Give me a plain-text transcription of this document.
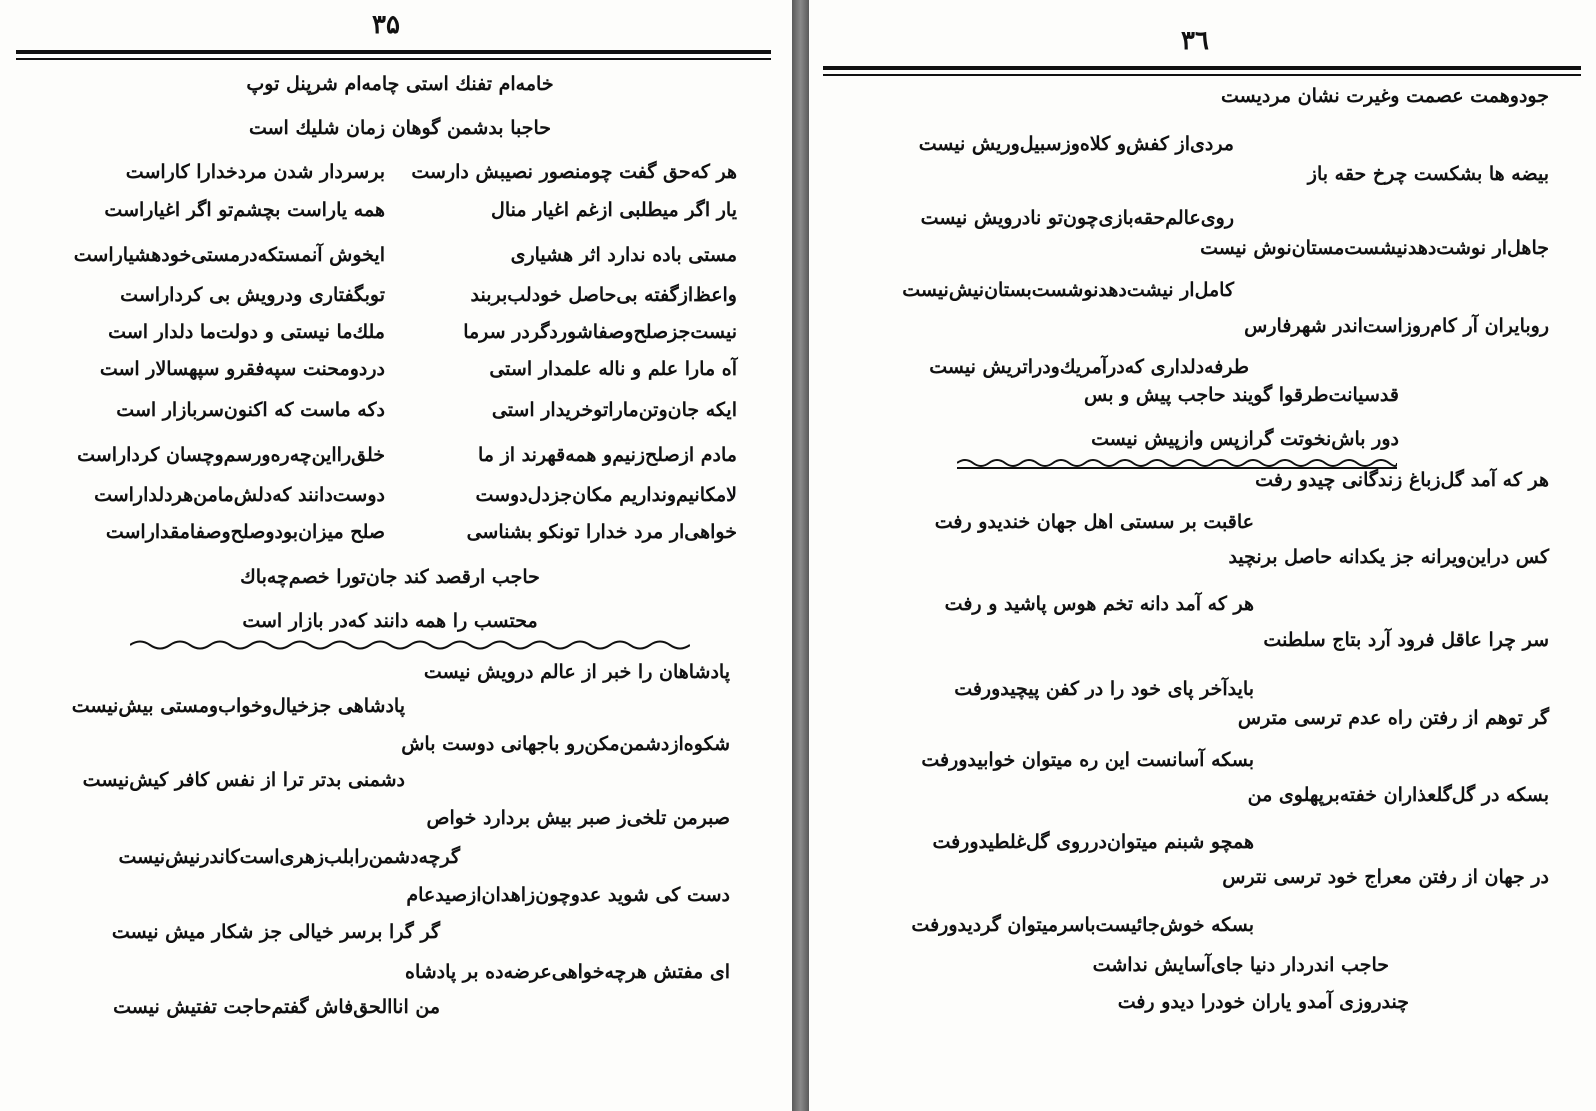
۳۵
خامه‌ام تفنك استی چامه‌ام شرپنل توپ
حاجبا بدشمن گوهان زمان شلیك است
هر که‌حق گفت چومنصور نصیبش دارست
برسردار شدن مردخدارا کاراست
یار اگر میطلبی ازغم اغیار منال
همه یاراست بچشم‌تو اگر اغیاراست
مستی باده ندارد اثر هشیاری
ایخوش آنمستکه‌درمستی‌خودهشیاراست
واعظ‌ازگفته بی‌حاصل خودلب‌بربند
تو‌بگفتاری ودرویش بی کرداراست
نیست‌جز‌صلح‌وصفاشوردگردر سرما
ملك‌ما نیستی و دولت‌ما دلدار است
آه مارا علم و ناله علمدار استی
دردومحنت سپه‌فقرو سپهسالار است
ایکه جان‌وتن‌مارا‌توخریدار استی
دکه ماست که اکنون‌سربازار است
مادم ازصلح‌زنیم‌و همه‌قهرند از ما
خلق‌را‌این‌چه‌ره‌ورسم‌وچسان کرداراست
لامکانیم‌ونداریم مکان‌جزدل‌دوست
دوست‌دانند که‌دلش‌مامن‌هردلداراست
خواهی‌ار مرد خدارا تونکو بشناسی
صلح میزان‌بودو‌صلح‌وصفامقداراست
حاجب ارقصد کند جان‌تورا خصم‌چه‌باك
محتسب را همه دانند که‌در بازار است
پادشاهان را خبر از عالم درویش نیست
پادشاهی جزخیال‌وخواب‌ومستی بیش‌نیست
شکوه‌ازدشمن‌مکن‌رو باجهانی دوست باش
دشمنی بدتر ترا از نفس کافر کیش‌نیست
صبرمن تلخی‌ز صبر بیش بردارد خواص
گرچه‌دشمن‌را‌بلب‌زهری‌است‌کاندرنیش‌نیست
دست کی شوید عدوچون‌زاهدان‌ازصیدعام
گر گرا برسر خیالی جز شکار میش نیست
ای مفتش هرچه‌خواهی‌عرضه‌ده بر پادشاه
من انا‌الحق‌فاش گفتم‌حاجت تفتیش نیست
۳٦
جودوهمت عصمت وغیرت نشان مردیست
مردی‌از کفش‌و کلاه‌وزسبیل‌وریش نیست
بیضه ها بشکست چرخ حقه باز
روی‌عالم‌حقه‌بازی‌چون‌تو نادرویش نیست
جاهل‌ار نوشت‌دهد‌نیشست‌مستان‌نوش نیست
کامل‌ار نیشت‌دهد‌نوشست‌بستان‌نیش‌نیست
روبایران آر کام‌روزاست‌اندر شهرفارس
طرفه‌دلداری که‌درآمریك‌ودراتریش نیست
قدسیانت‌طرقوا گویند حاجب پیش و بس
دور باش‌نخوتت گرازپس وازپیش نیست
هر که آمد گل‌زباغ زندگانی چیدو رفت
عاقبت بر سستی اهل جهان خندیدو رفت
کس دراین‌ویرانه جز یکدانه حاصل برنچید
هر که آمد دانه تخم هوس پاشید و رفت
سر چرا عاقل فرود آرد بتاج سلطنت
باید‌آخر پای خود را در کفن پیچیدورفت
گر توهم از رفتن راه عدم ترسی مترس
بسکه آسانست این ره میتوان خوابیدورفت
بسکه در گل‌گلعذاران خفته‌بر‌پهلوی من
همچو شبنم میتوان‌درروی گل‌غلطیدورفت
در جهان از رفتن معراج خود ترسی نترس
بسکه خوش‌جائیست‌باسرمیتوان گردیدورفت
حاجب اندردار دنیا جای‌آسایش نداشت
چندروزی آمدو یاران خودرا دیدو رفت
